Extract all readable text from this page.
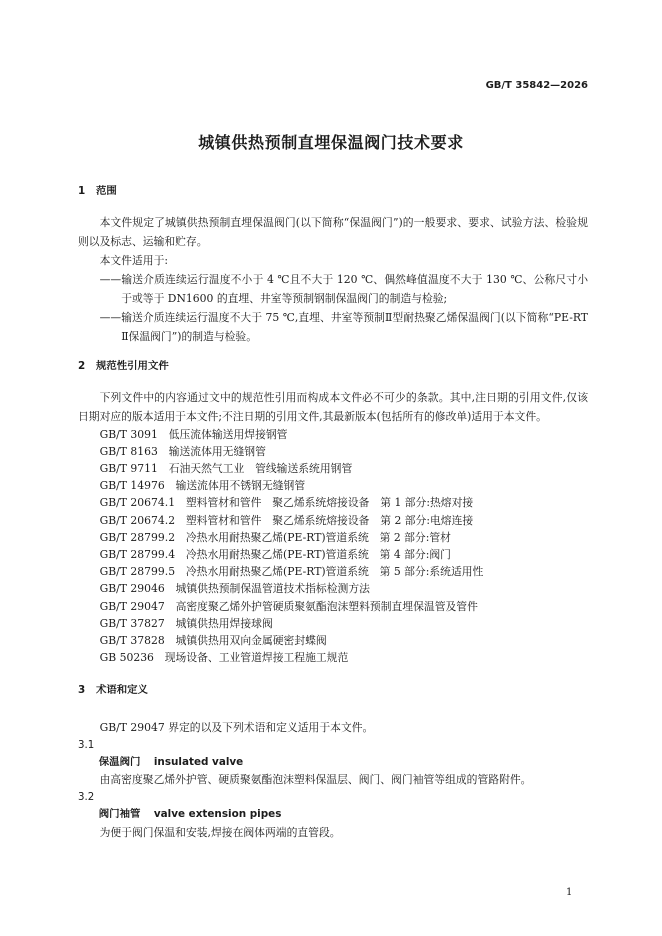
GB/T 35842—2026
城镇供热预制直埋保温阀门技术要求
1 范围

本文件规定了城镇供热预制直埋保温阀门(以下简称“保温阀门”)的一般要求、要求、试验方法、检验规则以及标志、运输和贮存。

本文件适用于:

——输送介质连续运行温度不小于 4 ℃且不大于 120 ℃、偶然峰值温度不大于 130 ℃、公称尺寸小于或等于 DN1600 的直埋、井室等预制钢制保温阀门的制造与检验;

——输送介质连续运行温度不大于 75 ℃,直埋、井室等预制Ⅱ型耐热聚乙烯保温阀门(以下简称“PE-RT Ⅱ保温阀门”)的制造与检验。

2 规范性引用文件

下列文件中的内容通过文中的规范性引用而构成本文件必不可少的条款。其中,注日期的引用文件,仅该日期对应的版本适用于本文件;不注日期的引用文件,其最新版本(包括所有的修改单)适用于本文件。

GB/T 3091 低压流体输送用焊接钢管
GB/T 8163 输送流体用无缝钢管
GB/T 9711 石油天然气工业　管线输送系统用钢管
GB/T 14976 输送流体用不锈钢无缝钢管
GB/T 20674.1 塑料管材和管件　聚乙烯系统熔接设备　第 1 部分:热熔对接
GB/T 20674.2 塑料管材和管件　聚乙烯系统熔接设备　第 2 部分:电熔连接
GB/T 28799.2 冷热水用耐热聚乙烯(PE-RT)管道系统　第 2 部分:管材
GB/T 28799.4 冷热水用耐热聚乙烯(PE-RT)管道系统　第 4 部分:阀门
GB/T 28799.5 冷热水用耐热聚乙烯(PE-RT)管道系统　第 5 部分:系统适用性
GB/T 29046 城镇供热预制保温管道技术指标检测方法
GB/T 29047 高密度聚乙烯外护管硬质聚氨酯泡沫塑料预制直埋保温管及管件
GB/T 37827 城镇供热用焊接球阀
GB/T 37828 城镇供热用双向金属硬密封蝶阀
GB 50236 现场设备、工业管道焊接工程施工规范
3 术语和定义

GB/T 29047 界定的以及下列术语和定义适用于本文件。

3.1
保温阀门 insulated valve
由高密度聚乙烯外护管、硬质聚氨酯泡沫塑料保温层、阀门、阀门袖管等组成的管路附件。
3.2
阀门袖管 valve extension pipes
为便于阀门保温和安装,焊接在阀体两端的直管段。
1
